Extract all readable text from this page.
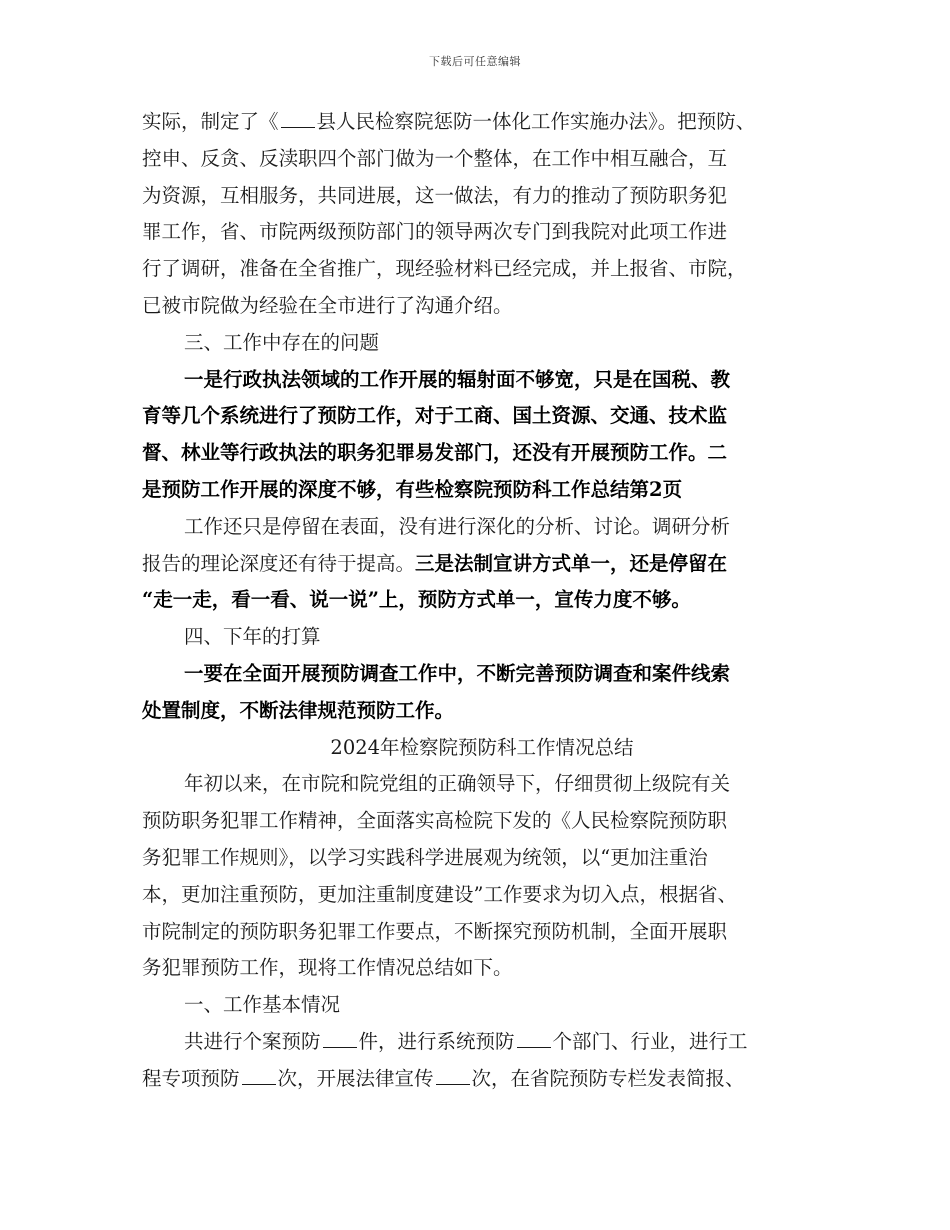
下载后可任意编辑
实际，制定了《 县人民检察院惩防一体化工作实施办法》。把预防、
控申、反贪、反渎职四个部门做为一个整体，在工作中相互融合，互
为资源，互相服务，共同进展，这一做法，有力的推动了预防职务犯
罪工作，省、市院两级预防部门的领导两次专门到我院对此项工作进
行了调研，准备在全省推广，现经验材料已经完成，并上报省、市院，
已被市院做为经验在全市进行了沟通介绍。
三、工作中存在的问题
一是行政执法领域的工作开展的辐射面不够宽，只是在国税、教
育等几个系统进行了预防工作，对于工商、国土资源、交通、技术监
督、林业等行政执法的职务犯罪易发部门，还没有开展预防工作。二
是预防工作开展的深度不够，有些检察院预防科工作总结第2页
工作还只是停留在表面，没有进行深化的分析、讨论。调研分析
报告的理论深度还有待于提高。三是法制宣讲方式单一，还是停留在
“走一走，看一看、说一说”上，预防方式单一，宣传力度不够。
四、下年的打算
一要在全面开展预防调查工作中，不断完善预防调查和案件线索
处置制度，不断法律规范预防工作。
2024年检察院预防科工作情况总结
年初以来，在市院和院党组的正确领导下，仔细贯彻上级院有关
预防职务犯罪工作精神，全面落实高检院下发的《人民检察院预防职
务犯罪工作规则》，以学习实践科学进展观为统领，以“更加注重治
本，更加注重预防，更加注重制度建设”工作要求为切入点，根据省、
市院制定的预防职务犯罪工作要点，不断探究预防机制，全面开展职
务犯罪预防工作，现将工作情况总结如下。
一、工作基本情况
共进行个案预防 件，进行系统预防 个部门、行业，进行工
程专项预防 次，开展法律宣传 次，在省院预防专栏发表简报、
